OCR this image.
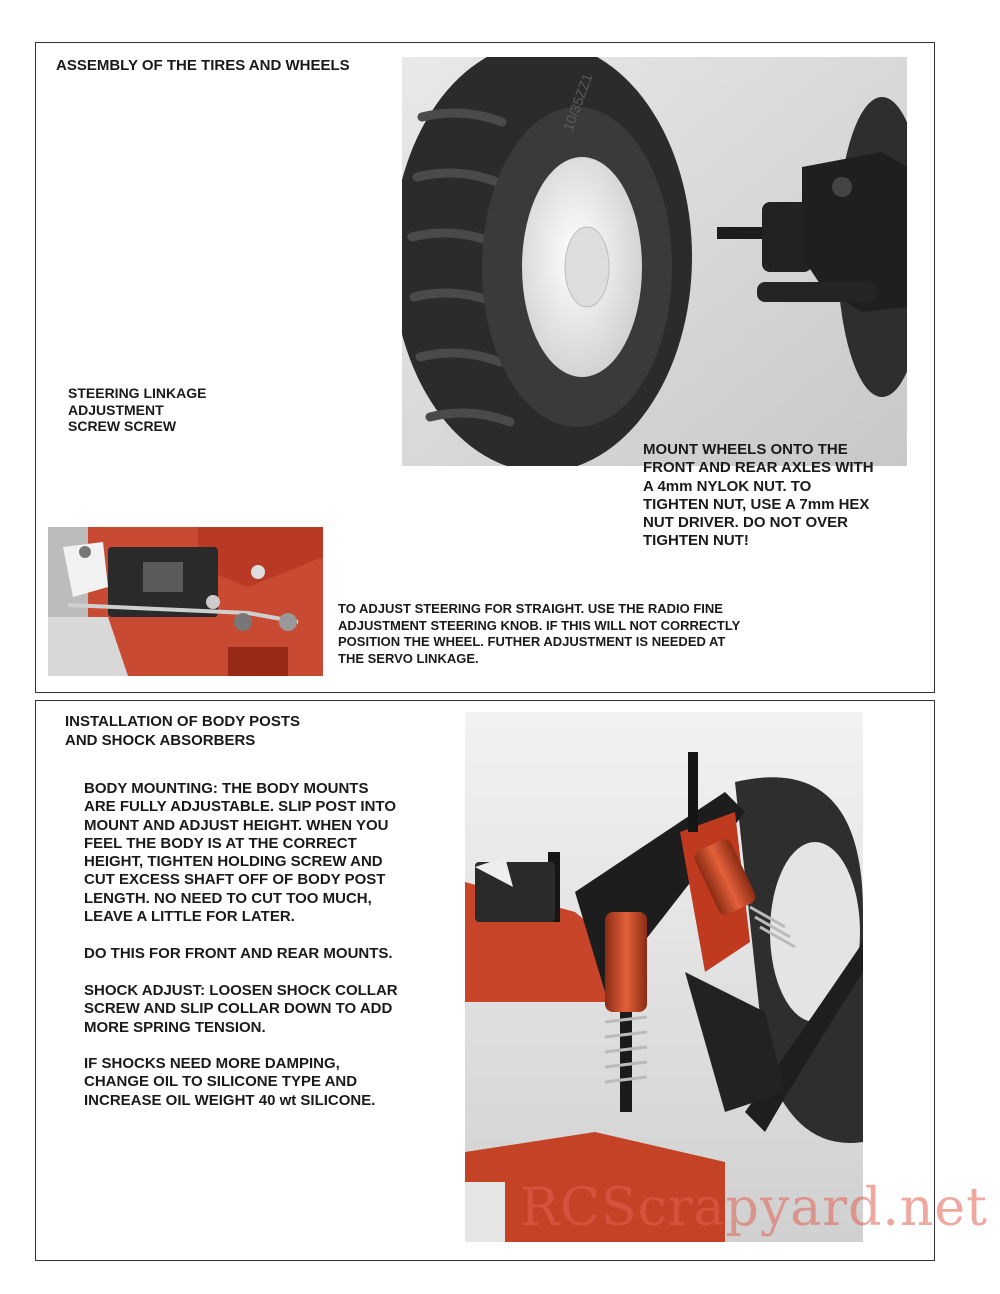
ASSEMBLY OF THE TIRES AND WHEELS

10/35ZZ1

STEERING LINKAGE
ADJUSTMENT
SCREW SCREW

MOUNT WHEELS ONTO THE
FRONT AND REAR AXLES WITH
A 4mm NYLOK NUT. TO
TIGHTEN NUT, USE A 7mm HEX
NUT DRIVER. DO NOT OVER
TIGHTEN NUT!

TO ADJUST STEERING FOR STRAIGHT. USE THE RADIO FINE
ADJUSTMENT STEERING KNOB. IF THIS WILL NOT CORRECTLY
POSITION THE WHEEL. FUTHER ADJUSTMENT IS NEEDED AT
THE SERVO LINKAGE.

INSTALLATION OF BODY POSTS
AND SHOCK ABSORBERS

BODY MOUNTING: THE BODY MOUNTS
ARE FULLY ADJUSTABLE. SLIP POST INTO
MOUNT AND ADJUST HEIGHT. WHEN YOU
FEEL THE BODY IS AT THE CORRECT
HEIGHT, TIGHTEN HOLDING SCREW AND
CUT EXCESS SHAFT OFF OF BODY POST
LENGTH. NO NEED TO CUT TOO MUCH,
LEAVE A LITTLE FOR LATER.

DO THIS FOR FRONT AND REAR MOUNTS.

SHOCK ADJUST: LOOSEN SHOCK COLLAR
SCREW AND SLIP COLLAR DOWN TO ADD
MORE SPRING TENSION.

IF SHOCKS NEED MORE DAMPING,
CHANGE OIL TO SILICONE TYPE AND
INCREASE OIL WEIGHT 40 wt SILICONE.

RCScrapyard.net
